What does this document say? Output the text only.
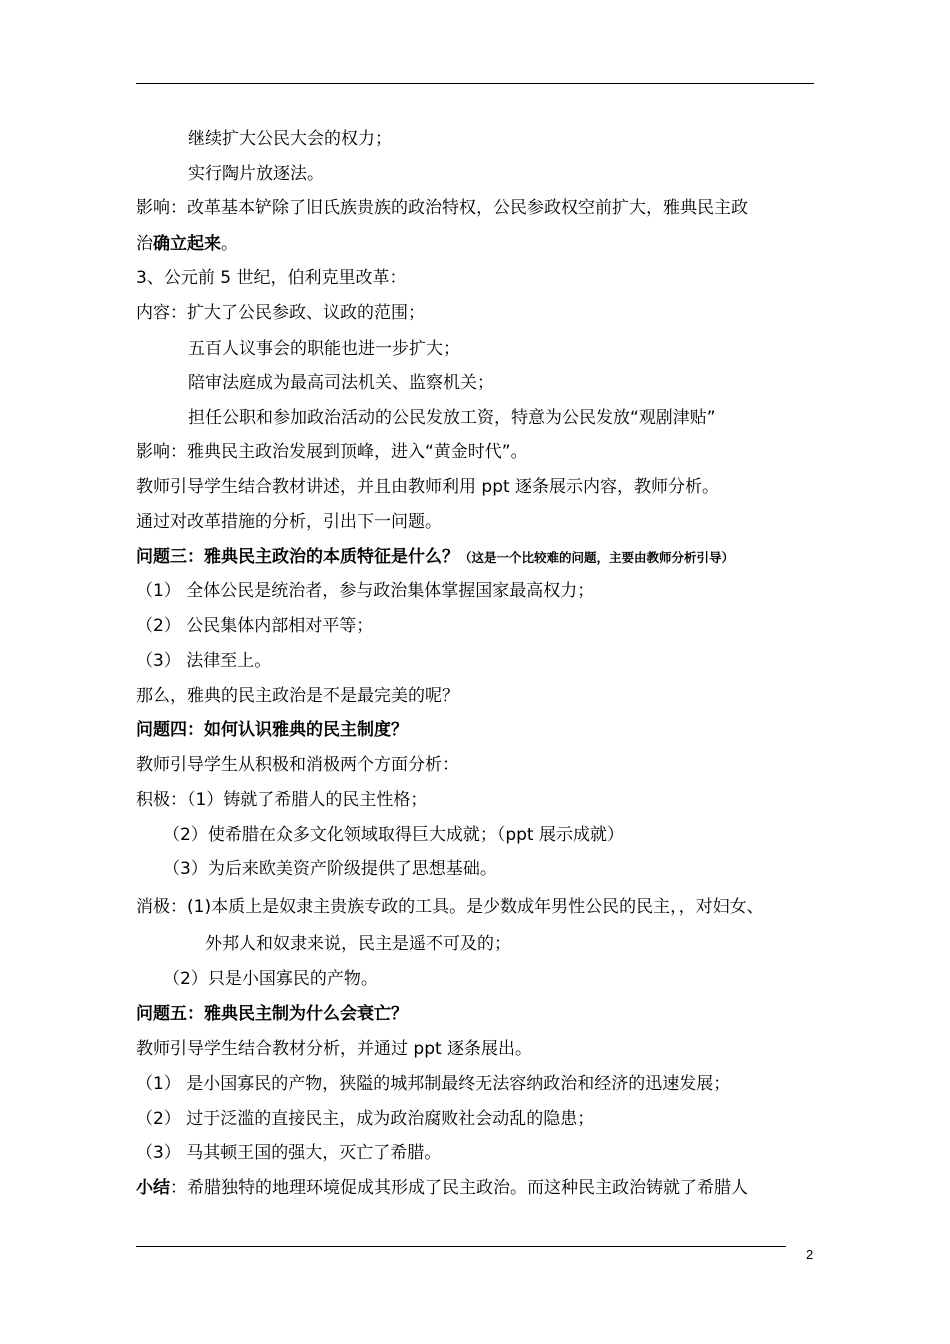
继续扩大公民大会的权力；
实行陶片放逐法。
影响：改革基本铲除了旧氏族贵族的政治特权，公民参政权空前扩大，雅典民主政
治确立起来。
3、公元前 5 世纪，伯利克里改革：
内容：扩大了公民参政、议政的范围；
五百人议事会的职能也进一步扩大；
陪审法庭成为最高司法机关、监察机关；
担任公职和参加政治活动的公民发放工资，特意为公民发放“观剧津贴”
影响：雅典民主政治发展到顶峰，进入“黄金时代”。
教师引导学生结合教材讲述，并且由教师利用 ppt 逐条展示内容，教师分析。
通过对改革措施的分析，引出下一问题。
问题三：雅典民主政治的本质特征是什么？（这是一个比较难的问题，主要由教师分析引导）
（1） 全体公民是统治者，参与政治集体掌握国家最高权力；
（2） 公民集体内部相对平等；
（3） 法律至上。
那么，雅典的民主政治是不是最完美的呢？
问题四：如何认识雅典的民主制度？
教师引导学生从积极和消极两个方面分析：
积极：（1）铸就了希腊人的民主性格；
（2）使希腊在众多文化领域取得巨大成就；（ppt 展示成就）
（3）为后来欧美资产阶级提供了思想基础。
消极：(1)本质上是奴隶主贵族专政的工具。是少数成年男性公民的民主，，对妇女、
外邦人和奴隶来说，民主是遥不可及的；
（2）只是小国寡民的产物。
问题五：雅典民主制为什么会衰亡？
教师引导学生结合教材分析，并通过 ppt 逐条展出。
（1） 是小国寡民的产物，狭隘的城邦制最终无法容纳政治和经济的迅速发展；
（2） 过于泛滥的直接民主，成为政治腐败社会动乱的隐患；
（3） 马其顿王国的强大，灭亡了希腊。
小结：希腊独特的地理环境促成其形成了民主政治。而这种民主政治铸就了希腊人
2
